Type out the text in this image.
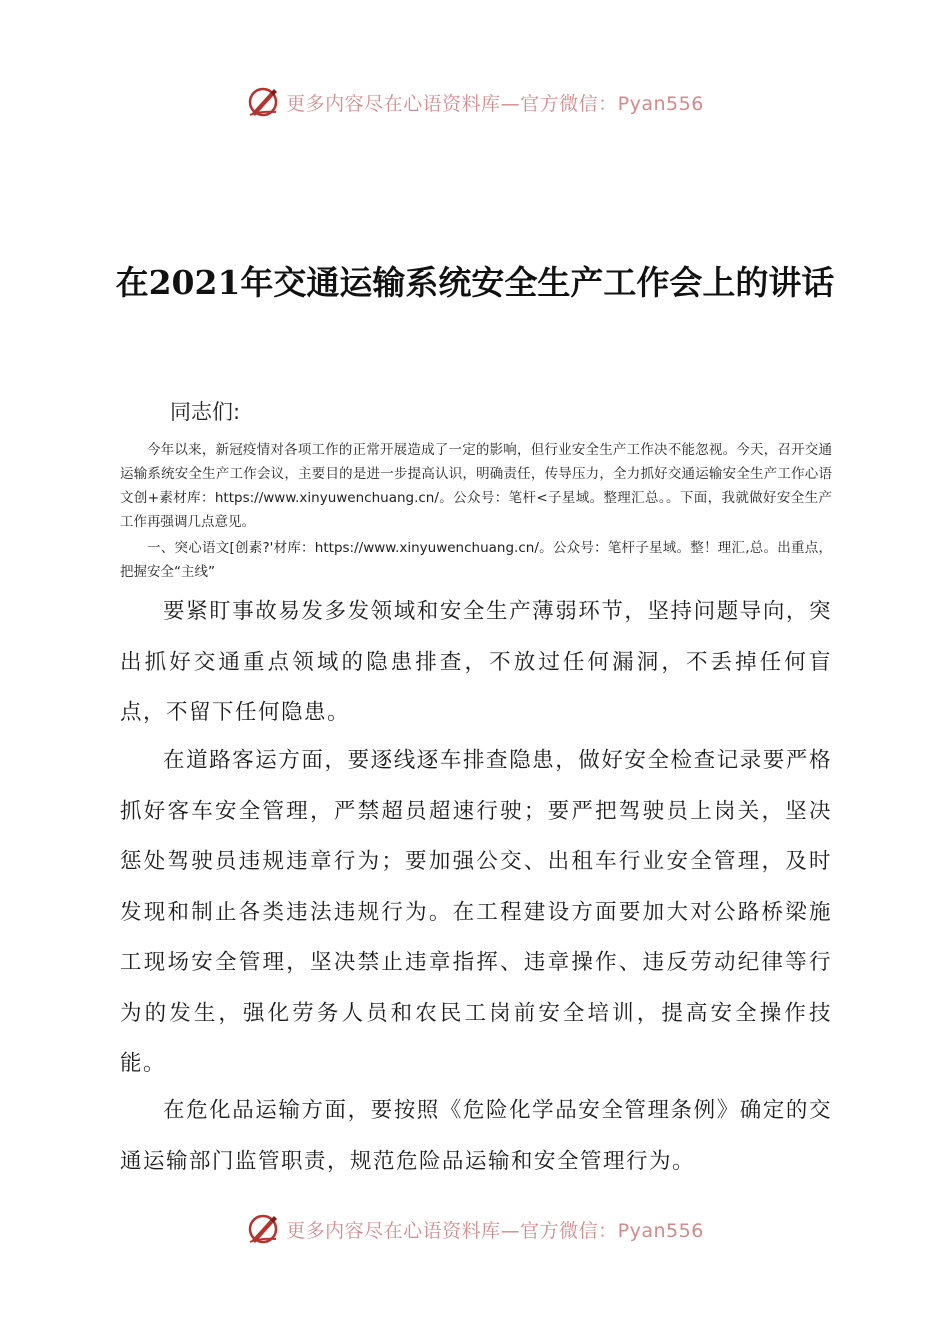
更多内容尽在心语资料库—官方微信：Pyan556
在2021年交通运输系统安全生产工作会上的讲话
同志们:

今年以来，新冠疫情对各项工作的正常开展造成了一定的影响，但行业安全生产工作决不能忽视。今天，召开交通运输系统安全生产工作会议，主要目的是进一步提高认识，明确责任，传导压力，全力抓好交通运输安全生产工作心语文创+素材库：https://www.xinyuwenchuang.cn/。公众号：笔杆<子星域。整理汇总。。下面，我就做好安全生产工作再强调几点意见。

一、突心语文[创素?'材库：https://www.xinyuwenchuang.cn/。公众号：笔杆子星域。整！理汇,总。出重点，把握安全“主线”

要紧盯事故易发多发领域和安全生产薄弱环节，坚持问题导向，突出抓好交通重点领域的隐患排查，不放过任何漏洞，不丢掉任何盲点，不留下任何隐患。

在道路客运方面，要逐线逐车排查隐患，做好安全检查记录要严格抓好客车安全管理，严禁超员超速行驶；要严把驾驶员上岗关，坚决惩处驾驶员违规违章行为；要加强公交、出租车行业安全管理，及时发现和制止各类违法违规行为。在工程建设方面要加大对公路桥梁施工现场安全管理，坚决禁止违章指挥、违章操作、违反劳动纪律等行为的发生，强化劳务人员和农民工岗前安全培训，提高安全操作技能。

在危化品运输方面，要按照《危险化学品安全管理条例》确定的交通运输部门监管职责，规范危险品运输和安全管理行为。

更多内容尽在心语资料库—官方微信：Pyan556
